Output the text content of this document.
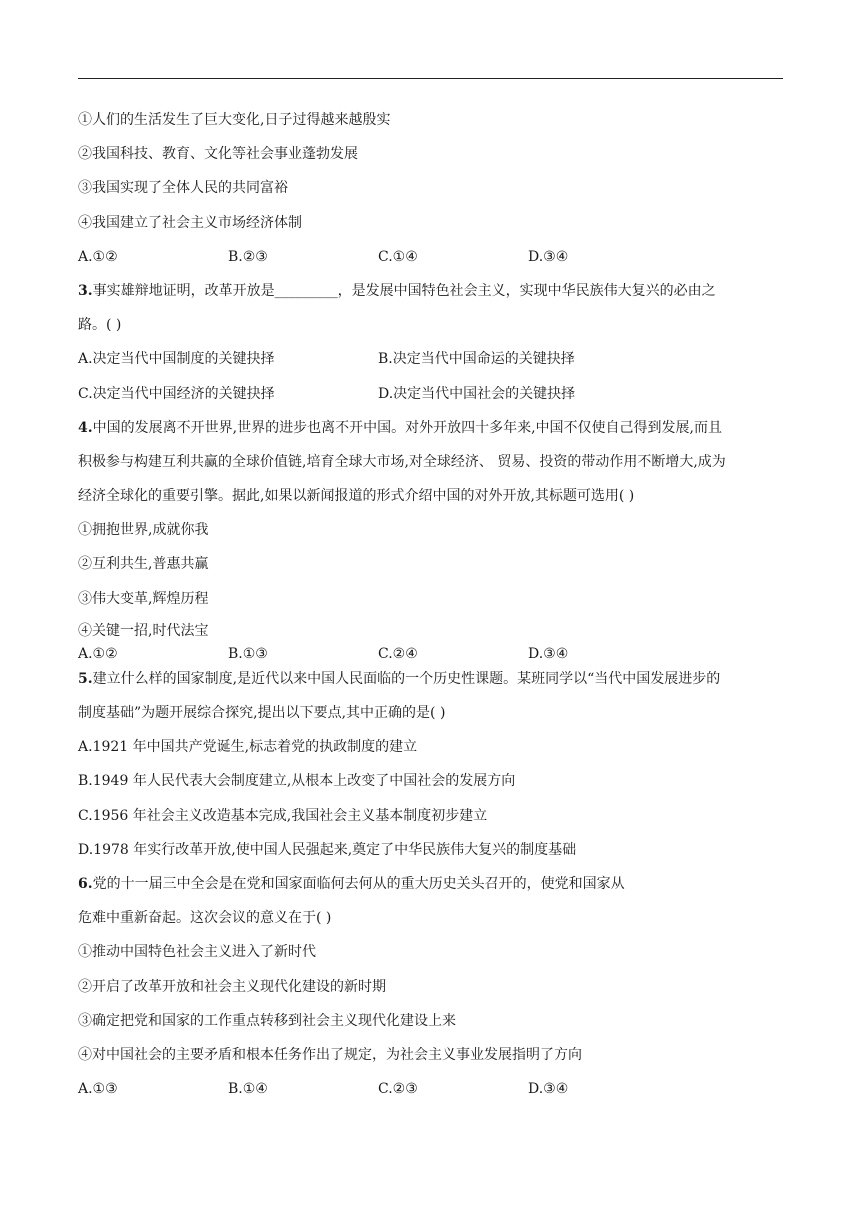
①人们的生活发生了巨大变化,日子过得越来越殷实
②我国科技、教育、文化等社会事业蓬勃发展
③我国实现了全体人民的共同富裕
④我国建立了社会主义市场经济体制
A.①②	B.②③	C.①④	D.③④
3.事实雄辩地证明，改革开放是_________，是发展中国特色社会主义，实现中华民族伟大复兴的必由之
路。( )
A.决定当代中国制度的关键抉择	B.决定当代中国命运的关键抉择
C.决定当代中国经济的关键抉择	D.决定当代中国社会的关键抉择
4.中国的发展离不开世界,世界的进步也离不开中国。对外开放四十多年来,中国不仅使自己得到发展,而且
积极参与构建互利共赢的全球价值链,培育全球大市场,对全球经济、 贸易、投资的带动作用不断增大,成为
经济全球化的重要引擎。据此,如果以新闻报道的形式介绍中国的对外开放,其标题可选用( )
①拥抱世界,成就你我
②互利共生,普惠共赢
③伟大变革,辉煌历程
④关键一招,时代法宝
A.①②	B.①③	C.②④	D.③④
5.建立什么样的国家制度,是近代以来中国人民面临的一个历史性课题。某班同学以“当代中国发展进步的
制度基础”为题开展综合探究,提出以下要点,其中正确的是( )
A.1921 年中国共产党诞生,标志着党的执政制度的建立
B.1949 年人民代表大会制度建立,从根本上改变了中国社会的发展方向
C.1956 年社会主义改造基本完成,我国社会主义基本制度初步建立
D.1978 年实行改革开放,使中国人民强起来,奠定了中华民族伟大复兴的制度基础
6.党的十一届三中全会是在党和国家面临何去何从的重大历史关头召开的，使党和国家从
危难中重新奋起。这次会议的意义在于( )
①推动中国特色社会主义进入了新时代
②开启了改革开放和社会主义现代化建设的新时期
③确定把党和国家的工作重点转移到社会主义现代化建设上来
④对中国社会的主要矛盾和根本任务作出了规定，为社会主义事业发展指明了方向
A.①③	B.①④	C.②③	D.③④
